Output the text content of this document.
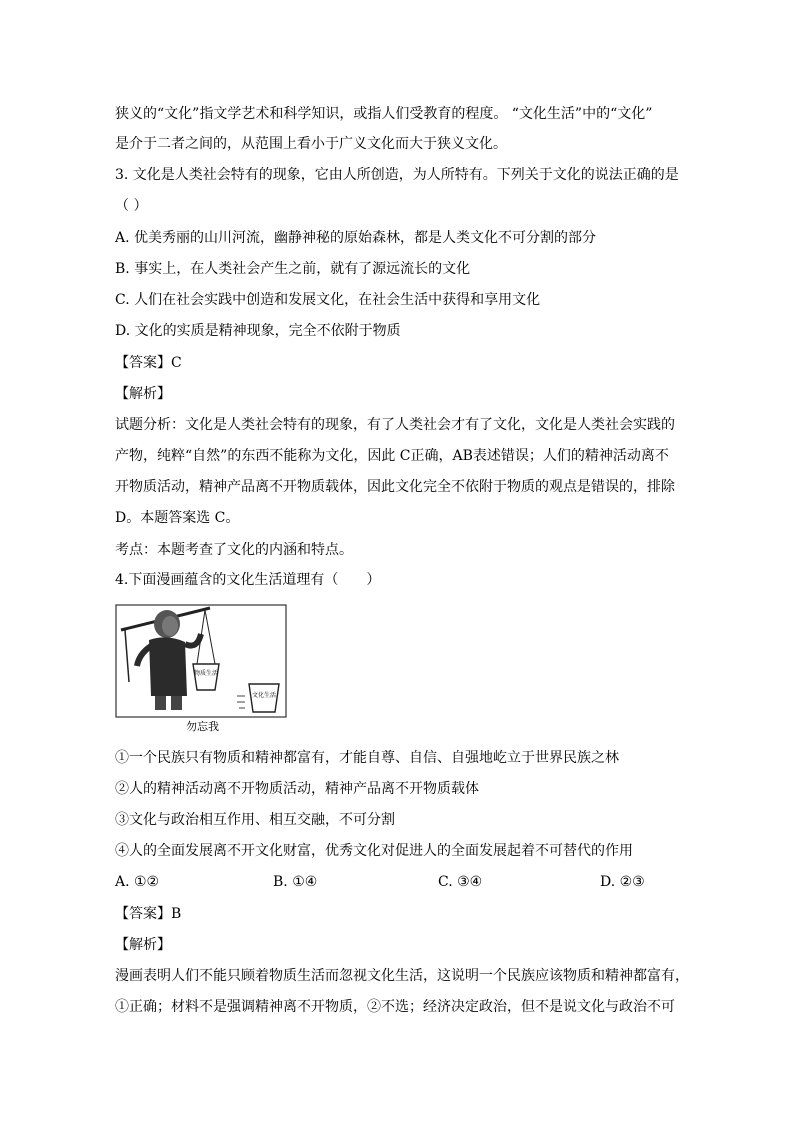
狭义的“文化”指文学艺术和科学知识，或指人们受教育的程度。 “文化生活”中的“文化”
是介于二者之间的，从范围上看小于广义文化而大于狭义文化。
3. 文化是人类社会特有的现象，它由人所创造，为人所特有。下列关于文化的说法正确的是
（ ）
A. 优美秀丽的山川河流，幽静神秘的原始森林，都是人类文化不可分割的部分
B. 事实上，在人类社会产生之前，就有了源远流长的文化
C. 人们在社会实践中创造和发展文化，在社会生活中获得和享用文化
D. 文化的实质是精神现象，完全不依附于物质
【答案】C
【解析】
试题分析：文化是人类社会特有的现象，有了人类社会才有了文化，文化是人类社会实践的
产物，纯粹“自然”的东西不能称为文化，因此 C正确，AB表述错误；人们的精神活动离不
开物质活动，精神产品离不开物质载体，因此文化完全不依附于物质的观点是错误的，排除
D。本题答案选 C。
考点：本题考查了文化的内涵和特点。
4.下面漫画蕴含的文化生活道理有（　　）
物质生活
文化生活
勿忘我
①一个民族只有物质和精神都富有，才能自尊、自信、自强地屹立于世界民族之林
②人的精神活动离不开物质活动，精神产品离不开物质载体
③文化与政治相互作用、相互交融，不可分割
④人的全面发展离不开文化财富，优秀文化对促进人的全面发展起着不可替代的作用
A. ①②	B. ①④	C. ③④	D. ②③
【答案】B
【解析】
漫画表明人们不能只顾着物质生活而忽视文化生活，这说明一个民族应该物质和精神都富有，
①正确；材料不是强调精神离不开物质，②不选；经济决定政治，但不是说文化与政治不可
